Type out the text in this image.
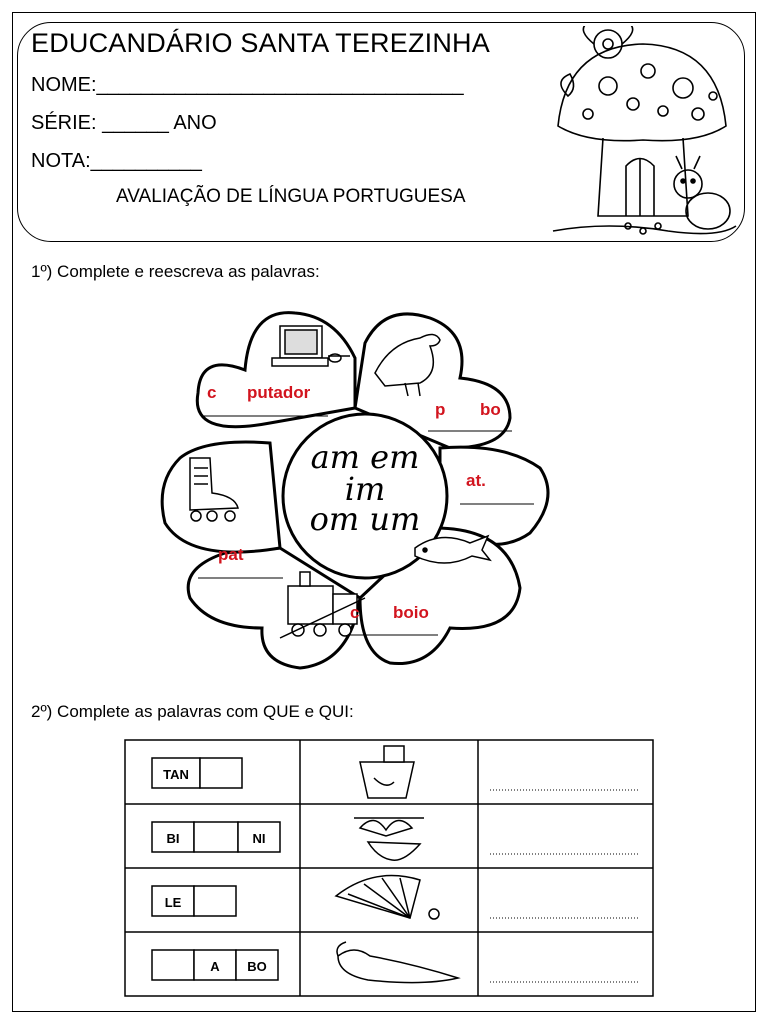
EDUCANDÁRIO SANTA TEREZINHA
NOME:_________________________________
SÉRIE: ______ ANO
NOTA:__________
AVALIAÇÃO DE LÍNGUA PORTUGUESA
1º) Complete e reescreva as palavras:
am em
im
om um
c putador
p bo
at.
pat
c boio
2º) Complete as palavras com QUE e QUI:
TAN
BI	NI
LE
A BO
